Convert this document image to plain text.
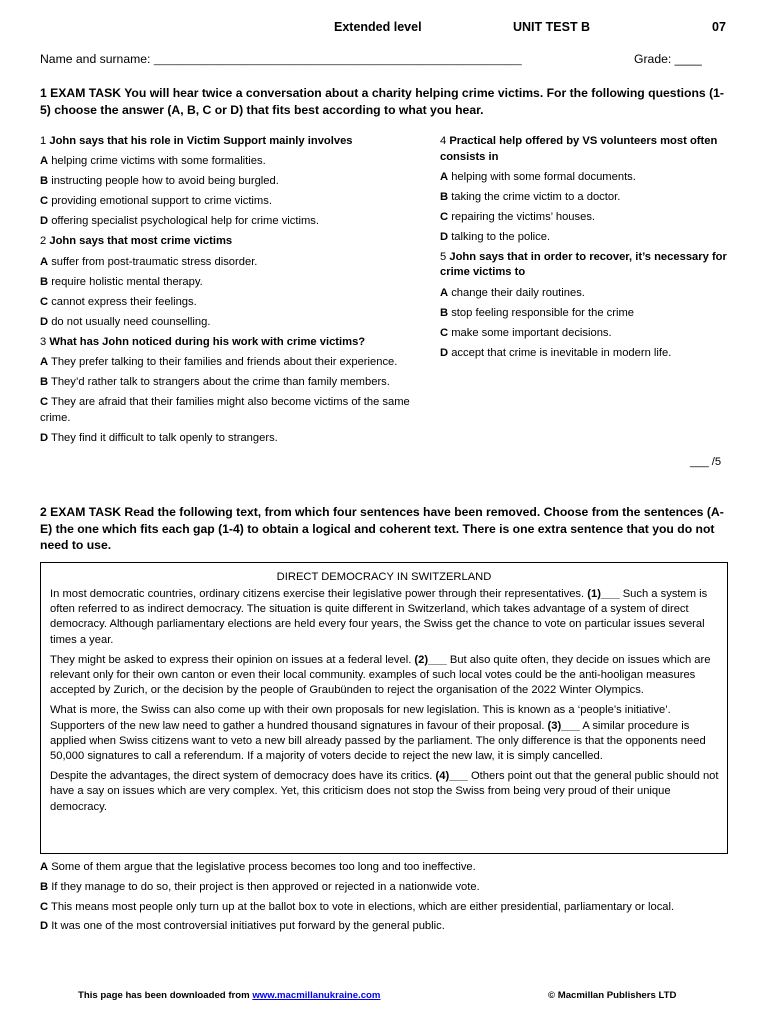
Extended level	UNIT TEST B	07
Name and surname: _______________________________________________________________	Grade: ____
1 EXAM TASK You will hear twice a conversation about a charity helping crime victims. For the following questions (1-5) choose the answer (A, B, C or D) that fits best according to what you hear.

1 John says that his role in Victim Support mainly involves

A helping crime victims with some formalities.

B instructing people how to avoid being burgled.

C providing emotional support to crime victims.

D offering specialist psychological help for crime victims.

2 John says that most crime victims

A suffer from post-traumatic stress disorder.

B require holistic mental therapy.

C cannot express their feelings.

D do not usually need counselling.

3 What has John noticed during his work with crime victims?

A They prefer talking to their families and friends about their experience.

B They’d rather talk to strangers about the crime than family members.

C They are afraid that their families might also become victims of the same crime.

D They find it difficult to talk openly to strangers.

4 Practical help offered by VS volunteers most often consists in

A helping with some formal documents.

B taking the crime victim to a doctor.

C repairing the victims’ houses.

D talking to the police.

5 John says that in order to recover, it’s necessary for crime victims to

A change their daily routines.

B stop feeling responsible for the crime

C make some important decisions.

D accept that crime is inevitable in modern life.

___ /5
2 EXAM TASK Read the following text, from which four sentences have been removed. Choose from the sentences (A-E) the one which fits each gap (1-4) to obtain a logical and coherent text. There is one extra sentence that you do not need to use.
DIRECT DEMOCRACY IN SWITZERLAND

In most democratic countries, ordinary citizens exercise their legislative power through their representatives. (1)___ Such a system is often referred to as indirect democracy. The situation is quite different in Switzerland, which takes advantage of a system of direct democracy. Although parliamentary elections are held every four years, the Swiss get the chance to vote on particular issues several times a year.

They might be asked to express their opinion on issues at a federal level. (2)___ But also quite often, they decide on issues which are relevant only for their own canton or even their local community. examples of such local votes could be the anti-hooligan measures accepted by Zurich, or the decision by the people of Graubünden to reject the organisation of the 2022 Winter Olympics.

What is more, the Swiss can also come up with their own proposals for new legislation. This is known as a ‘people’s initiative’. Supporters of the new law need to gather a hundred thousand signatures in favour of their proposal. (3)___ A similar procedure is applied when Swiss citizens want to veto a new bill already passed by the parliament. The only difference is that the opponents need 50,000 signatures to call a referendum. If a majority of voters decide to reject the new law, it is simply cancelled.

Despite the advantages, the direct system of democracy does have its critics. (4)___ Others point out that the general public should not have a say on issues which are very complex. Yet, this criticism does not stop the Swiss from being very proud of their unique democracy.

A Some of them argue that the legislative process becomes too long and too ineffective.

B If they manage to do so, their project is then approved or rejected in a nationwide vote.

C This means most people only turn up at the ballot box to vote in elections, which are either presidential, parliamentary or local.

D It was one of the most controversial initiatives put forward by the general public.

This page has been downloaded from www.macmillanukraine.com	© Macmillan Publishers LTD
